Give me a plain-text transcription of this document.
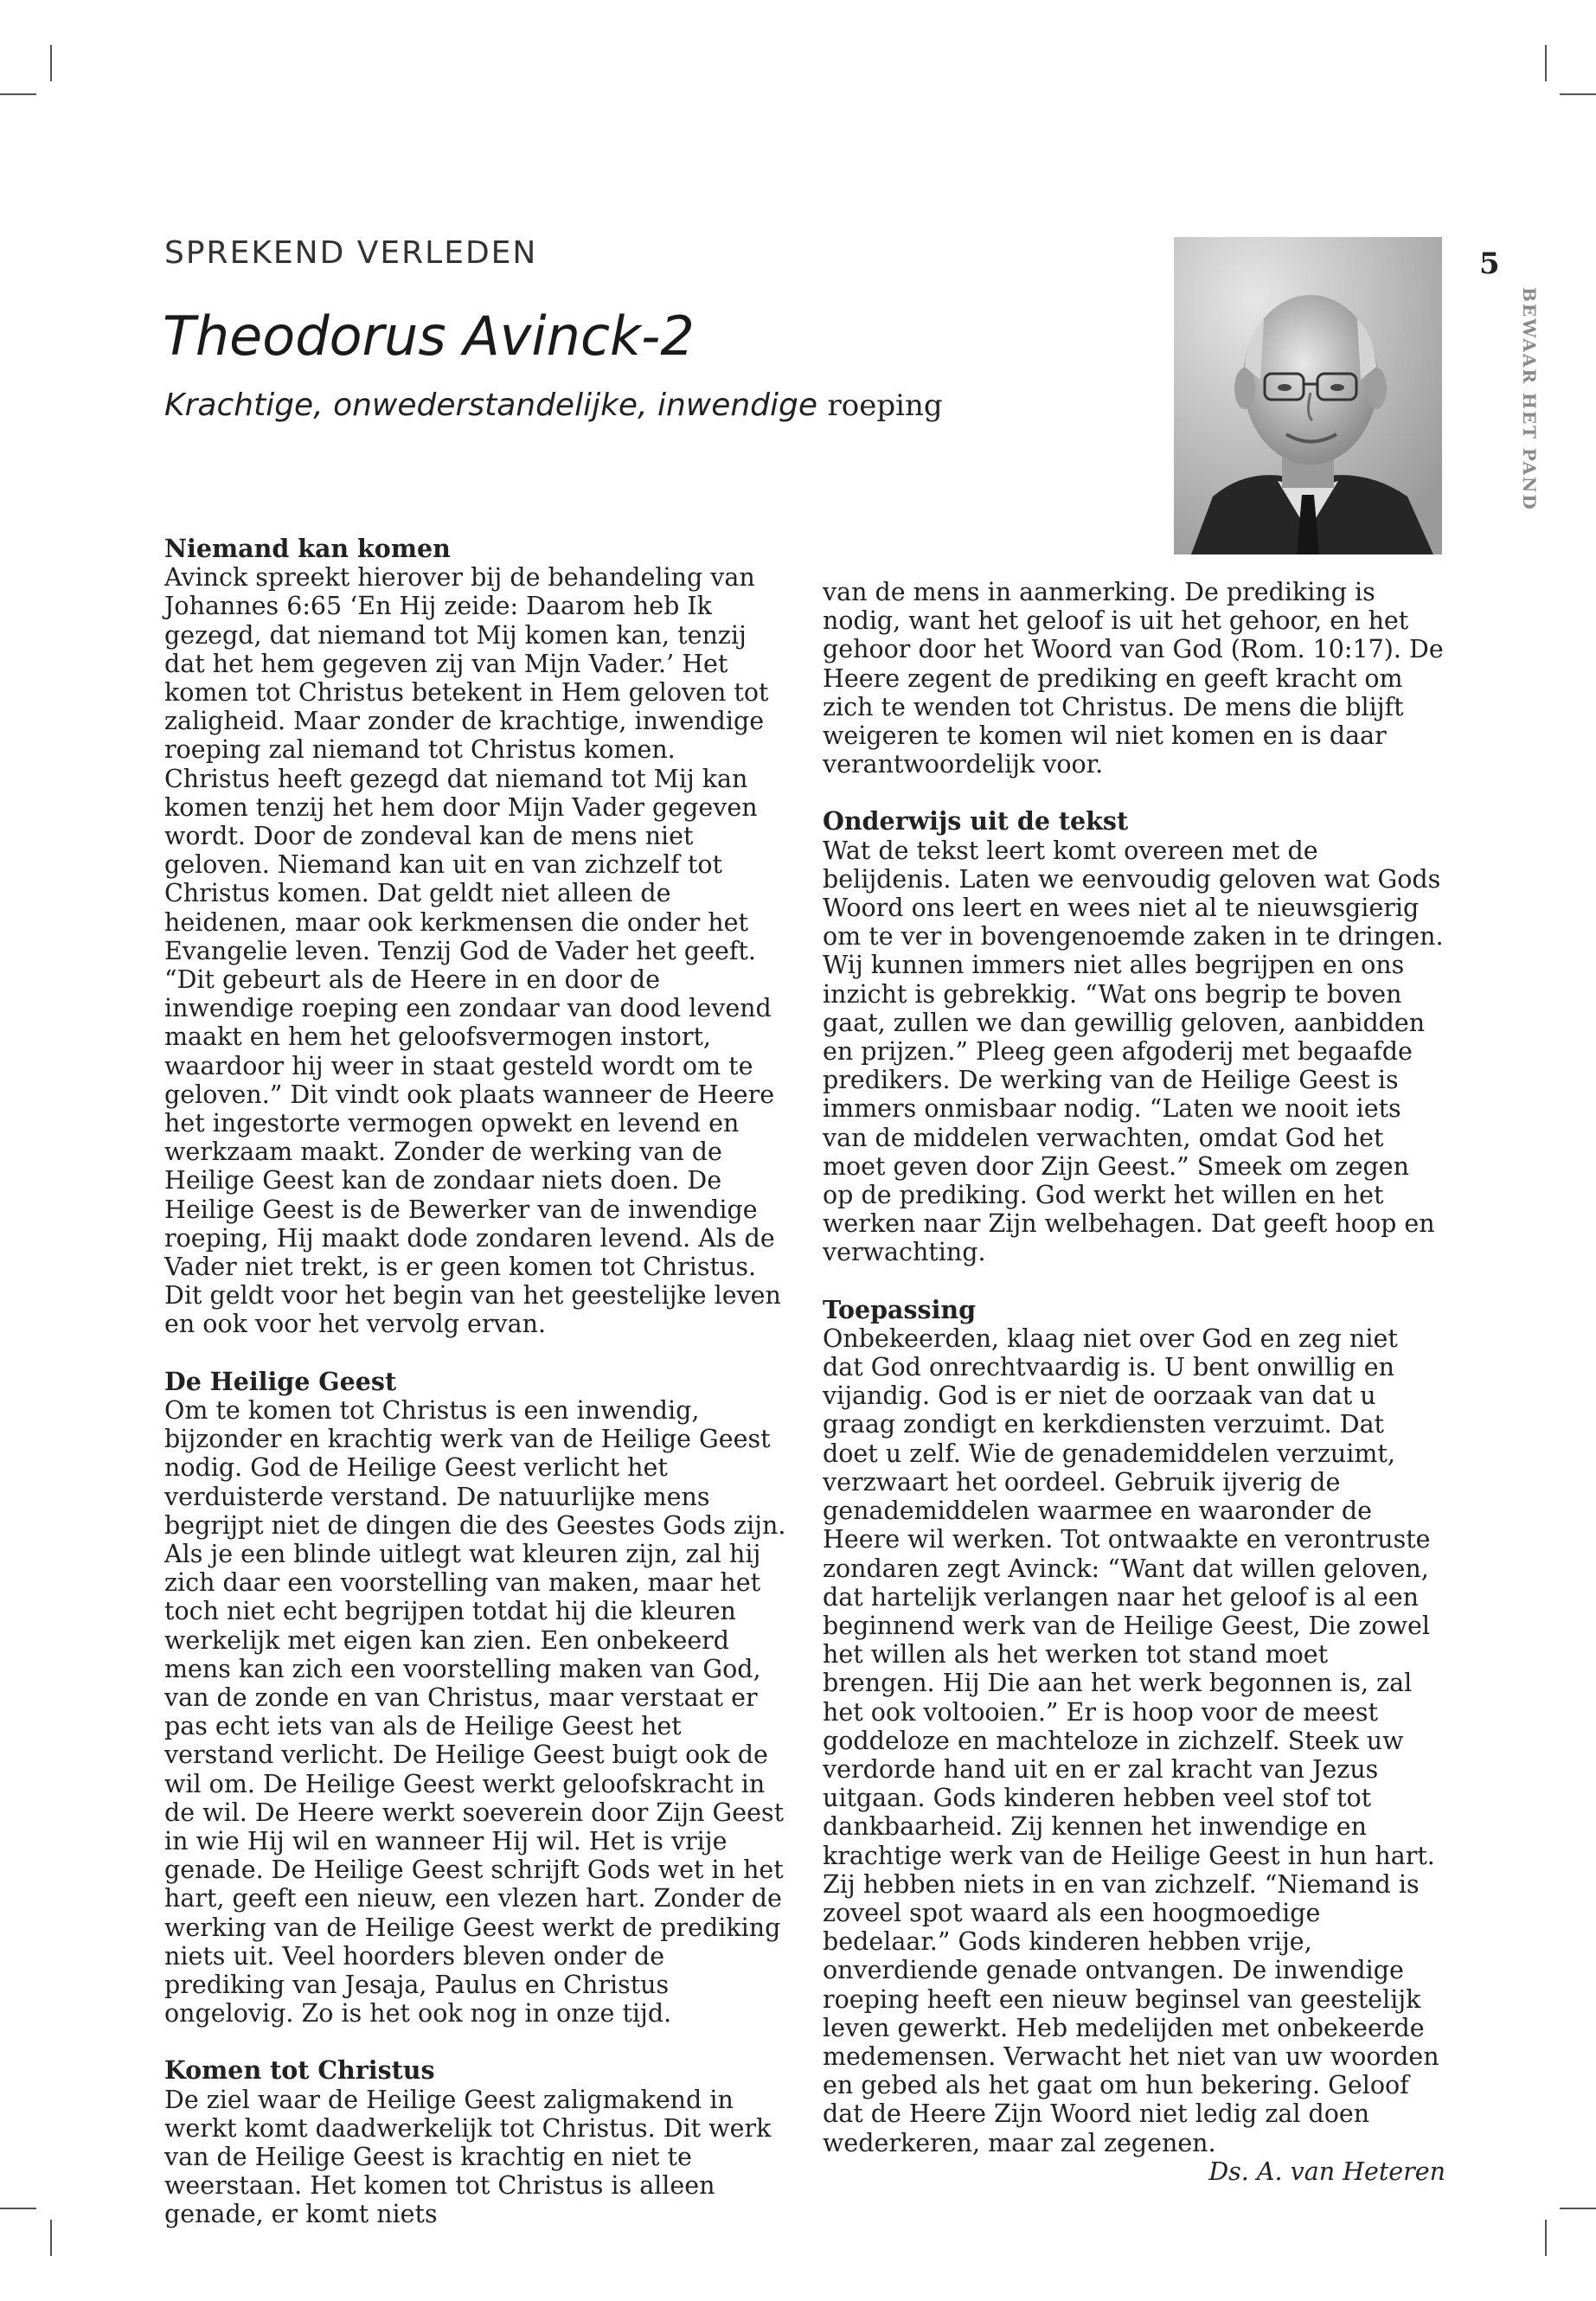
SPREKEND VERLEDEN
Theodorus Avinck-2
Krachtige, onwederstandelijke, inwendige roeping
5
BEWAAR HET PAND
Niemand kan komen

Avinck spreekt hierover bij de behandeling van Johannes 6:65 ‘En Hij zeide: Daarom heb Ik gezegd, dat niemand tot Mij komen kan, tenzij dat het hem gegeven zij van Mijn Vader.’ Het komen tot Christus betekent in Hem geloven tot zaligheid. Maar zonder de krachtige, inwendige roeping zal niemand tot Christus komen. Christus heeft gezegd dat niemand tot Mij kan komen tenzij het hem door Mijn Vader gegeven wordt. Door de zondeval kan de mens niet geloven. Niemand kan uit en van zichzelf tot Christus komen. Dat geldt niet alleen de heidenen, maar ook kerkmensen die onder het Evangelie leven. Tenzij God de Vader het geeft. “Dit gebeurt als de Heere in en door de inwendige roeping een zondaar van dood levend maakt en hem het geloofsvermogen instort, waardoor hij weer in staat gesteld wordt om te geloven.” Dit vindt ook plaats wanneer de Heere het ingestorte vermogen opwekt en levend en werkzaam maakt. Zonder de werking van de Heilige Geest kan de zondaar niets doen. De Heilige Geest is de Bewerker van de inwendige roeping, Hij maakt dode zondaren levend. Als de Vader niet trekt, is er geen komen tot Christus. Dit geldt voor het begin van het geestelijke leven en ook voor het vervolg ervan.

De Heilige Geest

Om te komen tot Christus is een inwendig, bijzonder en krachtig werk van de Heilige Geest nodig. God de Heilige Geest verlicht het verduisterde verstand. De natuurlijke mens begrijpt niet de dingen die des Geestes Gods zijn. Als je een blinde uitlegt wat kleuren zijn, zal hij zich daar een voorstelling van maken, maar het toch niet echt begrijpen totdat hij die kleuren werkelijk met eigen kan zien. Een onbekeerd mens kan zich een voorstelling maken van God, van de zonde en van Christus, maar verstaat er pas echt iets van als de Heilige Geest het verstand verlicht. De Heilige Geest buigt ook de wil om. De Heilige Geest werkt geloofskracht in de wil. De Heere werkt soeverein door Zijn Geest in wie Hij wil en wanneer Hij wil. Het is vrije genade. De Heilige Geest schrijft Gods wet in het hart, geeft een nieuw, een vlezen hart. Zonder de werking van de Heilige Geest werkt de prediking niets uit. Veel hoorders bleven onder de prediking van Jesaja, Paulus en Christus ongelovig. Zo is het ook nog in onze tijd.

Komen tot Christus

De ziel waar de Heilige Geest zaligmakend in werkt komt daadwerkelijk tot Christus. Dit werk van de Heilige Geest is krachtig en niet te weerstaan. Het komen tot Christus is alleen genade, er komt niets

van de mens in aanmerking. De prediking is nodig, want het geloof is uit het gehoor, en het gehoor door het Woord van God (Rom. 10:17). De Heere zegent de prediking en geeft kracht om zich te wenden tot Christus. De mens die blijft weigeren te komen wil niet komen en is daar verantwoordelijk voor.

Onderwijs uit de tekst

Wat de tekst leert komt overeen met de belijdenis. Laten we eenvoudig geloven wat Gods Woord ons leert en wees niet al te nieuwsgierig om te ver in bovengenoemde zaken in te dringen. Wij kunnen immers niet alles begrijpen en ons inzicht is gebrekkig. “Wat ons begrip te boven gaat, zullen we dan gewillig geloven, aanbidden en prijzen.” Pleeg geen afgoderij met begaafde predikers. De werking van de Heilige Geest is immers onmisbaar nodig. “Laten we nooit iets van de middelen verwachten, omdat God het moet geven door Zijn Geest.” Smeek om zegen op de prediking. God werkt het willen en het werken naar Zijn welbehagen. Dat geeft hoop en verwachting.

Toepassing

Onbekeerden, klaag niet over God en zeg niet dat God onrechtvaardig is. U bent onwillig en vijandig. God is er niet de oorzaak van dat u graag zondigt en kerkdiensten verzuimt. Dat doet u zelf. Wie de genademiddelen verzuimt, verzwaart het oordeel. Gebruik ijverig de genademiddelen waarmee en waaronder de Heere wil werken. Tot ontwaakte en verontruste zondaren zegt Avinck: “Want dat willen geloven, dat hartelijk verlangen naar het geloof is al een beginnend werk van de Heilige Geest, Die zowel het willen als het werken tot stand moet brengen. Hij Die aan het werk begonnen is, zal het ook voltooien.” Er is hoop voor de meest goddeloze en machteloze in zichzelf. Steek uw verdorde hand uit en er zal kracht van Jezus uitgaan. Gods kinderen hebben veel stof tot dankbaarheid. Zij kennen het inwendige en krachtige werk van de Heilige Geest in hun hart. Zij hebben niets in en van zichzelf. “Niemand is zoveel spot waard als een hoogmoedige bedelaar.” Gods kinderen hebben vrije, onverdiende genade ontvangen. De inwendige roeping heeft een nieuw beginsel van geestelijk leven gewerkt. Heb medelijden met onbekeerde medemensen. Verwacht het niet van uw woorden en gebed als het gaat om hun bekering. Geloof dat de Heere Zijn Woord niet ledig zal doen wederkeren, maar zal zegenen.

Ds. A. van Heteren
